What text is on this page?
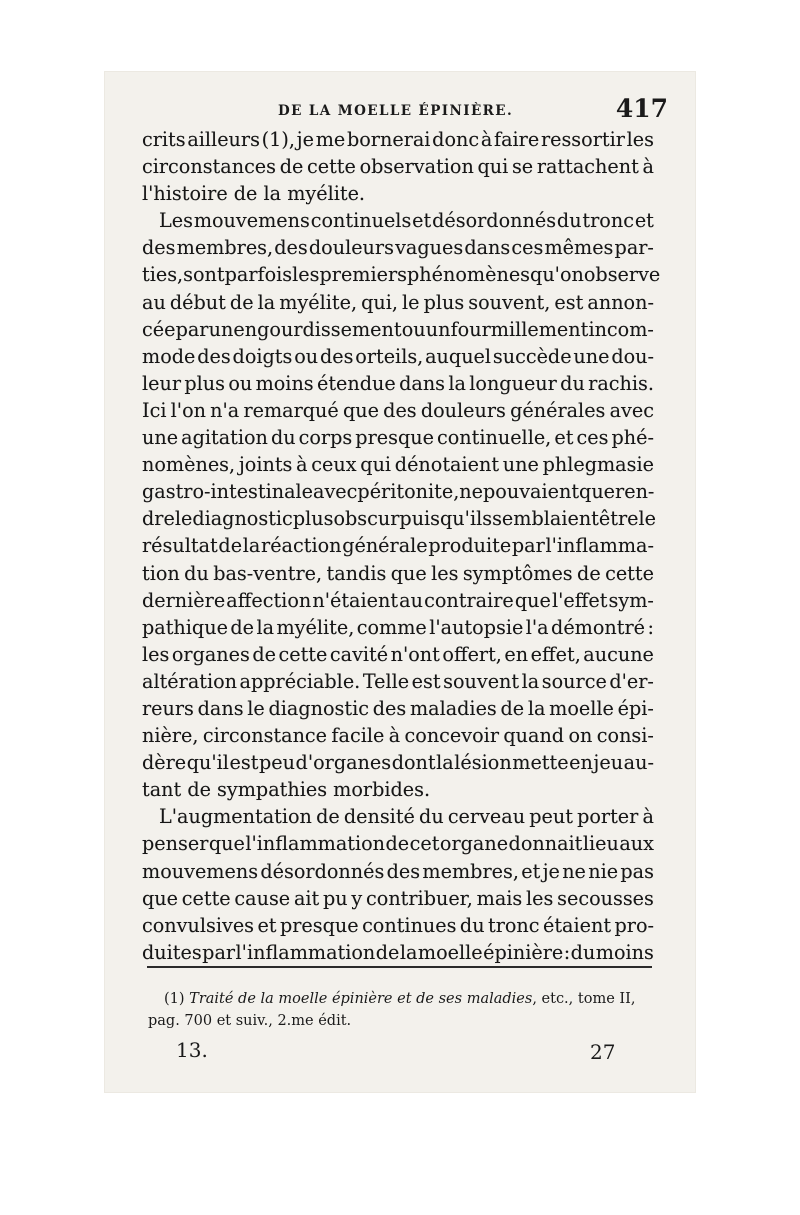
DE LA MOELLE ÉPINIÈRE.	417
crits ailleurs (1), je me bornerai donc à faire ressortir les
circonstances de cette observation qui se rattachent à
l'histoire de la myélite.
Les mouvemens continuels et désordonnés du tronc et
des membres, des douleurs vagues dans ces mêmes par-
ties, sont parfois les premiers phénomènes qu'on observe
au début de la myélite, qui, le plus souvent, est annon-
cée par un engourdissement ou un fourmillement incom-
mode des doigts ou des orteils, auquel succède une dou-
leur plus ou moins étendue dans la longueur du rachis.
Ici l'on n'a remarqué que des douleurs générales avec
une agitation du corps presque continuelle, et ces phé-
nomènes, joints à ceux qui dénotaient une phlegmasie
gastro-intestinale avec péritonite, ne pouvaient que ren-
dre le diagnostic plus obscur puisqu'ils semblaient être le
résultat de la réaction générale produite par l'inflamma-
tion du bas-ventre, tandis que les symptômes de cette
dernière affection n'étaient au contraire que l'effet sym-
pathique de la myélite, comme l'autopsie l'a démontré :
les organes de cette cavité n'ont offert, en effet, aucune
altération appréciable. Telle est souvent la source d'er-
reurs dans le diagnostic des maladies de la moelle épi-
nière, circonstance facile à concevoir quand on consi-
dère qu'il est peu d'organes dont la lésion mette en jeu au-
tant de sympathies morbides.
L'augmentation de densité du cerveau peut porter à
penser que l'inflammation de cet organe donnait lieu aux
mouvemens désordonnés des membres, et je ne nie pas
que cette cause ait pu y contribuer, mais les secousses
convulsives et presque continues du tronc étaient pro-
duites par l'inflammation de la moelle épinière : du moins
(1) Traité de la moelle épinière et de ses maladies, etc., tome II,
pag. 700 et suiv., 2.me édit.
13.	27
